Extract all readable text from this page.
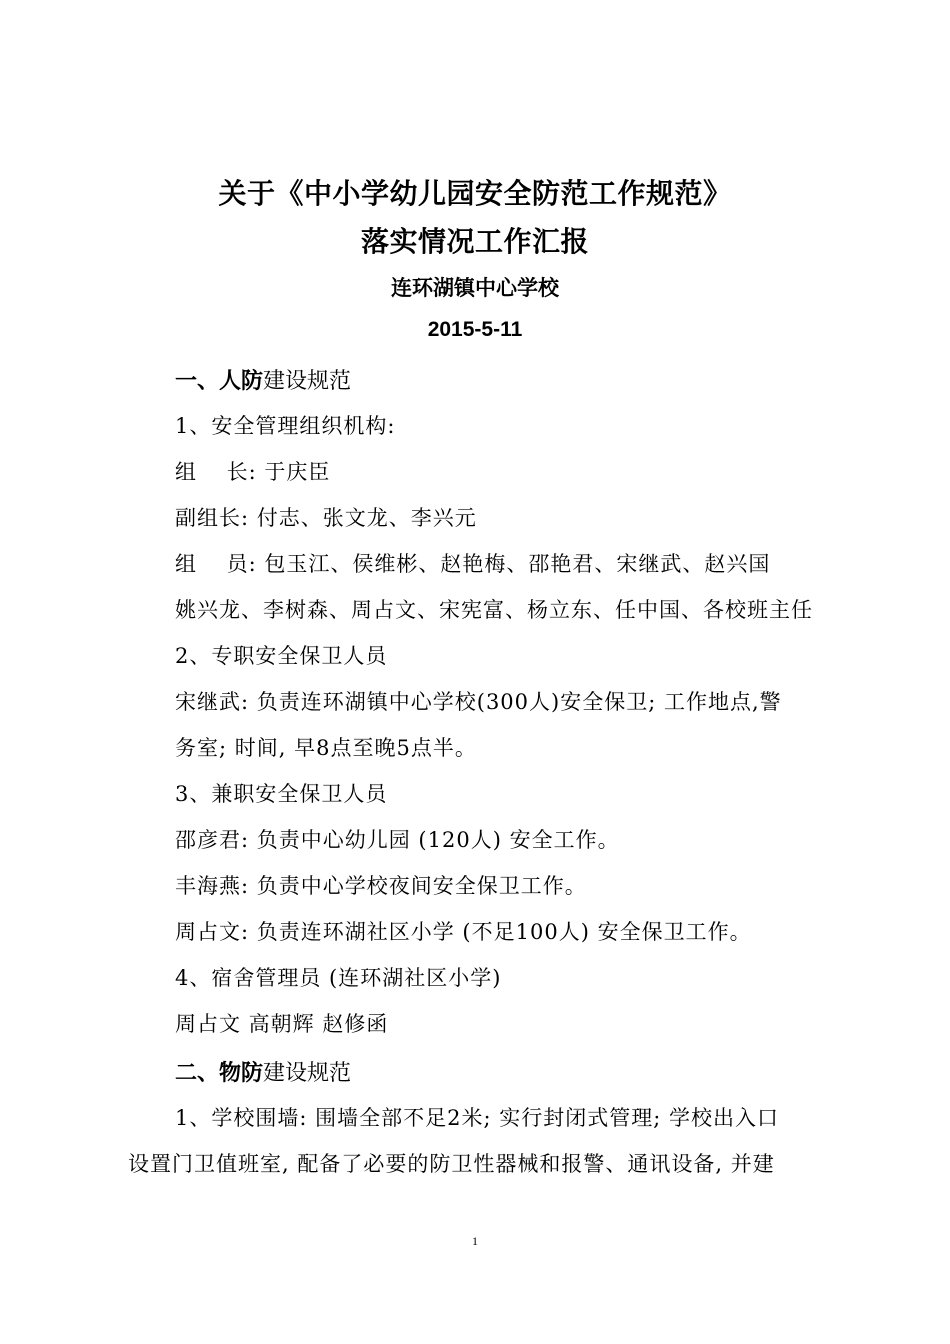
关于《中小学幼儿园安全防范工作规范》
落实情况工作汇报
连环湖镇中心学校
2015-5-11
一、人防建设规范
1、安全管理组织机构:
组　 长: 于庆臣
副组长: 付志、张文龙、李兴元
组　 员: 包玉江、侯维彬、赵艳梅、邵艳君、宋继武、赵兴国
姚兴龙、李树森、周占文、宋宪富、杨立东、任中国、各校班主任
2、专职安全保卫人员
宋继武: 负责连环湖镇中心学校(300人)安全保卫; 工作地点,警
务室; 时间, 早8点至晚5点半。
3、兼职安全保卫人员
邵彦君: 负责中心幼儿园 (120人) 安全工作。
丰海燕: 负责中心学校夜间安全保卫工作。
周占文: 负责连环湖社区小学 (不足100人) 安全保卫工作。
4、宿舍管理员 (连环湖社区小学)
周占文 高朝辉 赵修函
二、物防建设规范
1、学校围墙: 围墙全部不足2米; 实行封闭式管理; 学校出入口
设置门卫值班室, 配备了必要的防卫性器械和报警、通讯设备, 并建
1
